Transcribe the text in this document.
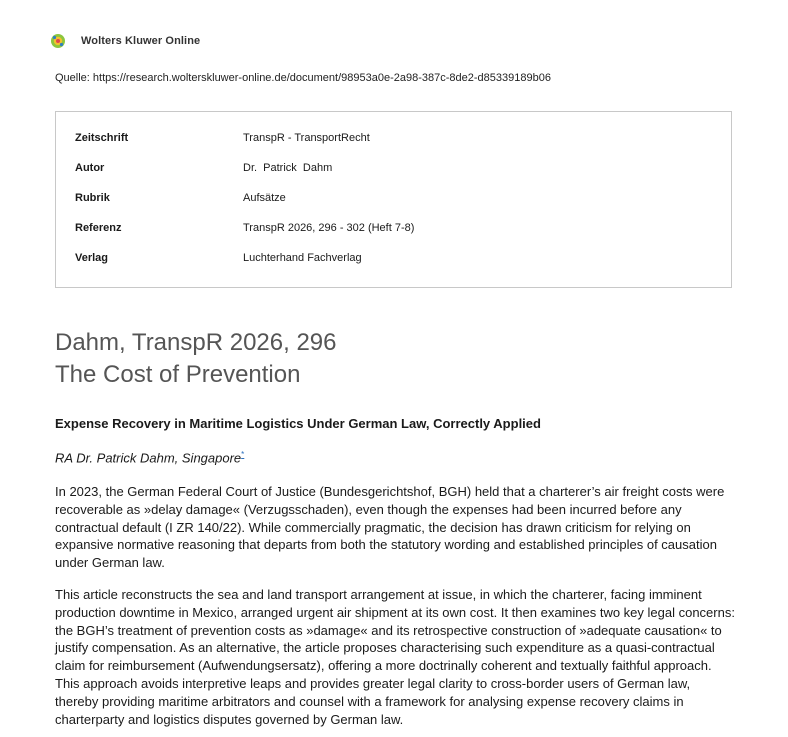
Wolters Kluwer Online
Quelle: https://research.wolterskluwer-online.de/document/98953a0e-2a98-387c-8de2-d85339189b06
Zeitschrift	TranspR - TransportRecht
Autor	Dr.  Patrick  Dahm
Rubrik	Aufsätze
Referenz	TranspR 2026, 296 - 302 (Heft 7-8)
Verlag	Luchterhand Fachverlag
Dahm, TranspR 2026, 296
The Cost of Prevention
Expense Recovery in Maritime Logistics Under German Law, Correctly Applied
RA Dr. Patrick Dahm, Singapore*

In 2023, the German Federal Court of Justice (Bundesgerichtshof, BGH) held that a charterer’s air freight costs were recoverable as »delay damage« (Verzugsschaden), even though the expenses had been incurred before any contractual default (I ZR 140/22). While commercially pragmatic, the decision has drawn criticism for relying on expansive normative reasoning that departs from both the statutory wording and established principles of causation under German law.

This article reconstructs the sea and land transport arrangement at issue, in which the charterer, facing imminent production downtime in Mexico, arranged urgent air shipment at its own cost. It then examines two key legal concerns: the BGH’s treatment of prevention costs as »damage« and its retrospective construction of »adequate causation« to justify compensation. As an alternative, the article proposes characterising such expenditure as a quasi-contractual claim for reimbursement (Aufwendungsersatz), offering a more doctrinally coherent and textually faithful approach. This approach avoids interpretive leaps and provides greater legal clarity to cross-border users of German law, thereby providing maritime arbitrators and counsel with a framework for analysing expense recovery claims in charterparty and logistics disputes governed by German law.
